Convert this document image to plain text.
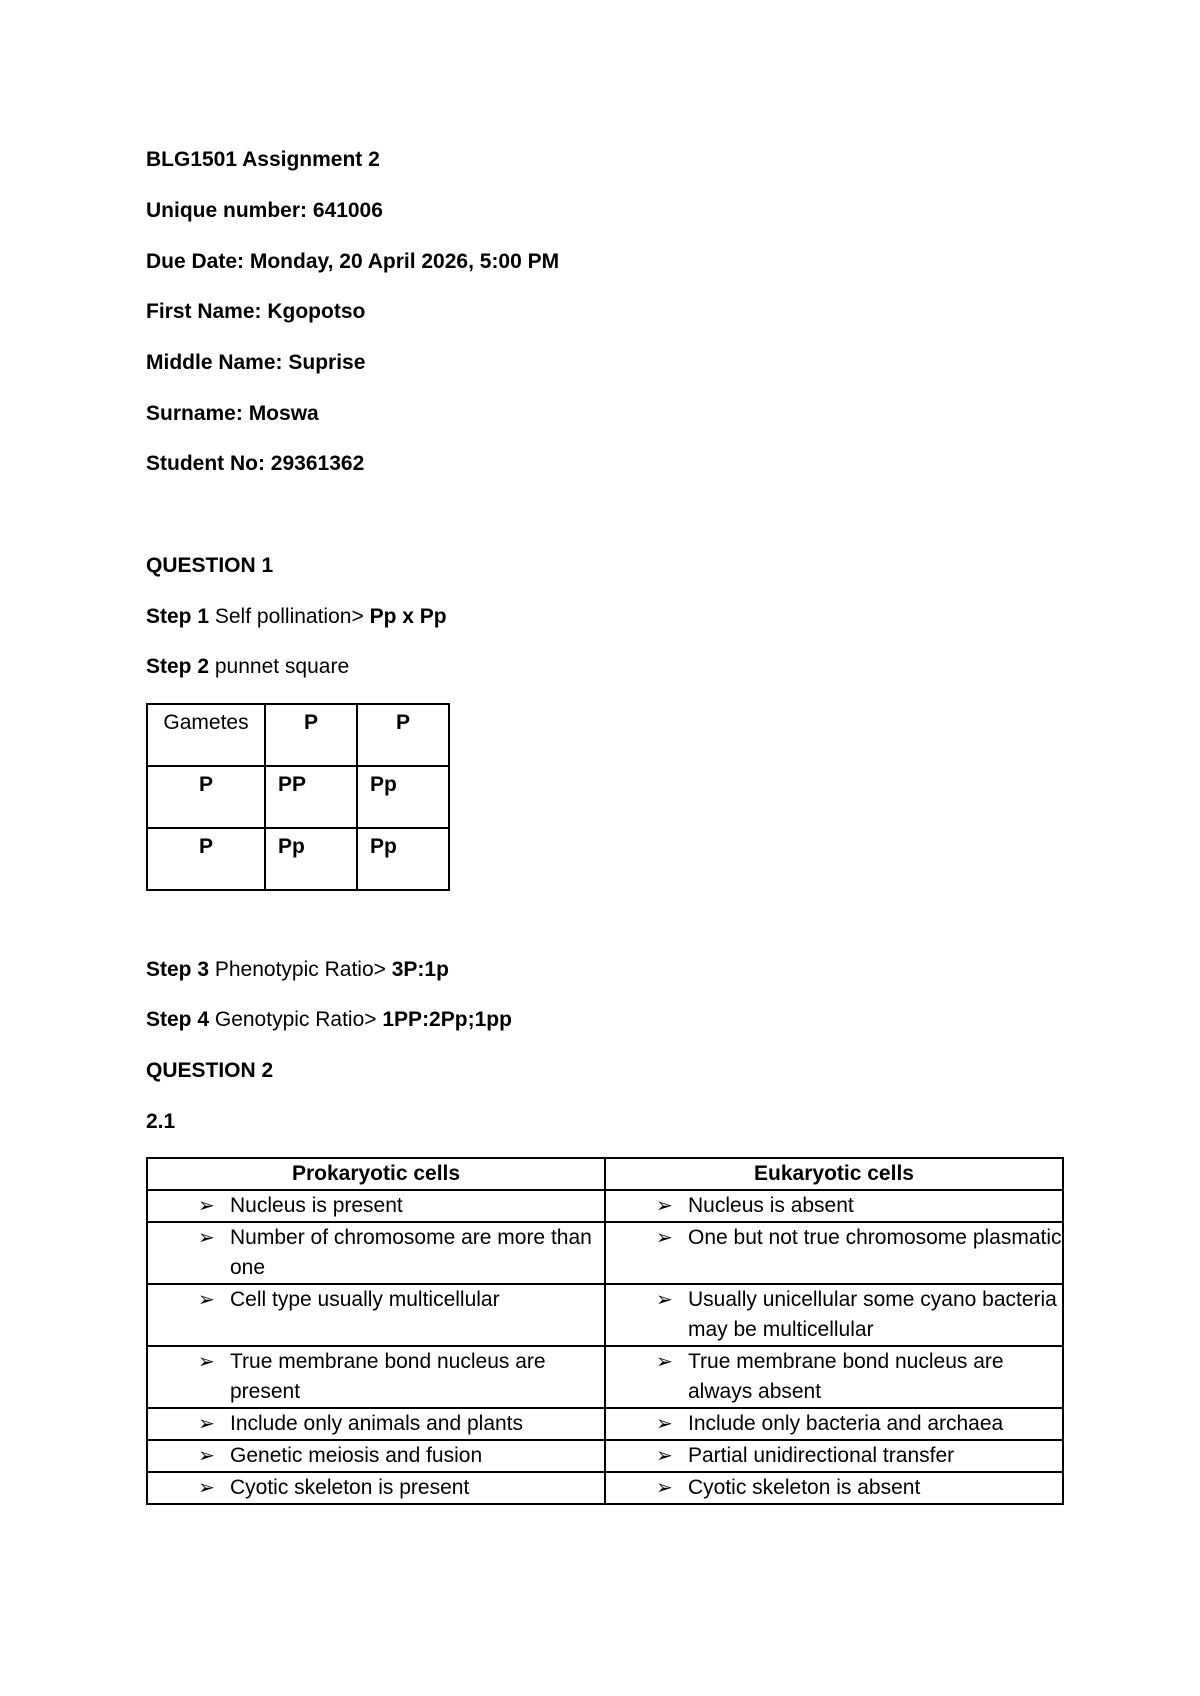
BLG1501 Assignment 2
Unique number: 641006
Due Date: Monday, 20 April 2026, 5:00 PM
First Name: Kgopotso
Middle Name: Suprise
Surname: Moswa
Student No: 29361362
QUESTION 1
Step 1 Self pollination> Pp x Pp
Step 2 punnet square
Gametes	P	P
P	PP	Pp
P	Pp	Pp
Step 3 Phenotypic Ratio> 3P:1p
Step 4 Genotypic Ratio> 1PP:2Pp;1pp
QUESTION 2
2.1
Prokaryotic cells	Eukaryotic cells

➢ Nucleus is present	➢ Nucleus is absent

➢ Number of chromosome are more than one	➢ One but not true chromosome plasmatic

➢ Cell type usually multicellular	➢ Usually unicellular some cyano bacteria may be multicellular

➢ True membrane bond nucleus are present	➢ True membrane bond nucleus are always absent

➢ Include only animals and plants	➢ Include only bacteria and archaea

➢ Genetic meiosis and fusion	➢ Partial unidirectional transfer

➢ Cyotic skeleton is present	➢ Cyotic skeleton is absent
